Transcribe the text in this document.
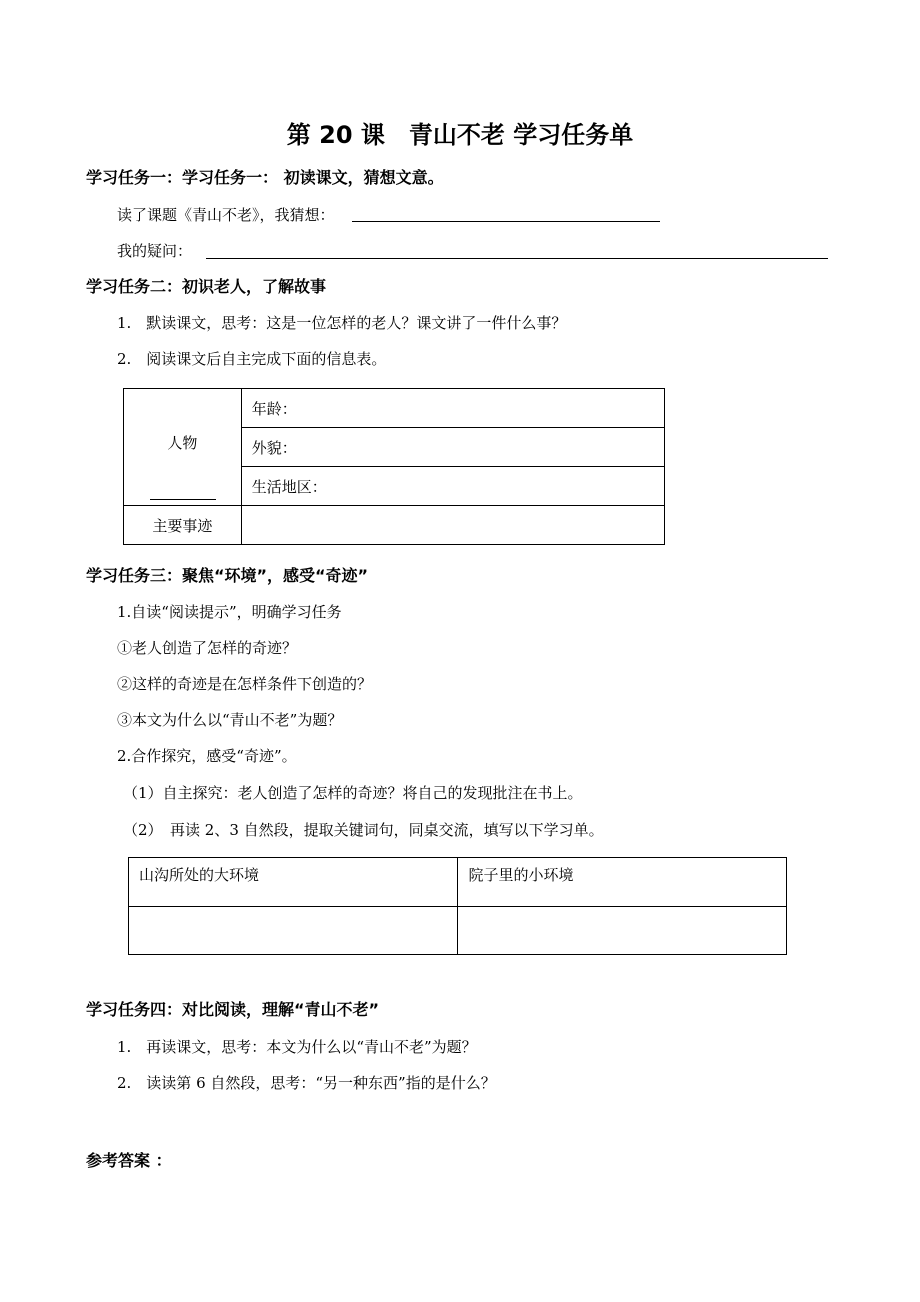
第 20 课　青山不老 学习任务单
学习任务一：学习任务一： 初读课文，猜想文意。
读了课题《青山不老》，我猜想：
我的疑问：
学习任务二：初识老人，了解故事
1.　默读课文，思考：这是一位怎样的老人？课文讲了一件什么事？
2.　阅读课文后自主完成下面的信息表。
人物	年龄：
	外貌：
	生活地区：
主要事迹	
学习任务三：聚焦“环境”，感受“奇迹”
1.自读“阅读提示”，明确学习任务
①老人创造了怎样的奇迹？
②这样的奇迹是在怎样条件下创造的？
③本文为什么以“青山不老”为题？
2.合作探究，感受“奇迹”。
（1）自主探究：老人创造了怎样的奇迹？将自己的发现批注在书上。
（2）　再读 2、3 自然段，提取关键词句，同桌交流，填写以下学习单。
山沟所处的大环境	院子里的小环境

学习任务四：对比阅读，理解“青山不老”
1.　再读课文，思考：本文为什么以“青山不老”为题？
2.　读读第 6 自然段，思考：“另一种东西”指的是什么？
参考答案 ：
